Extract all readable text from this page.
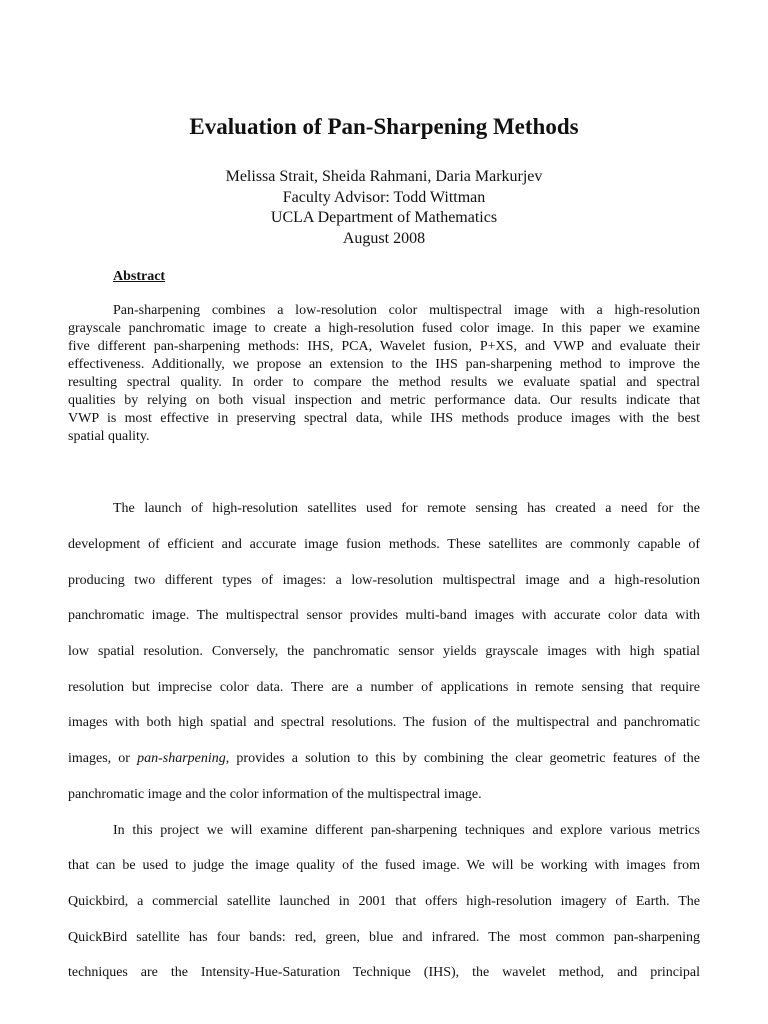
Evaluation of Pan-Sharpening Methods
Melissa Strait, Sheida Rahmani, Daria Markurjev
Faculty Advisor: Todd Wittman
UCLA Department of Mathematics
August 2008
Abstract
Pan-sharpening combines a low-resolution color multispectral image with a high-resolution
grayscale panchromatic image to create a high-resolution fused color image. In this paper we examine
five different pan-sharpening methods: IHS, PCA, Wavelet fusion, P+XS, and VWP and evaluate their
effectiveness. Additionally, we propose an extension to the IHS pan-sharpening method to improve the
resulting spectral quality. In order to compare the method results we evaluate spatial and spectral
qualities by relying on both visual inspection and metric performance data. Our results indicate that
VWP is most effective in preserving spectral data, while IHS methods produce images with the best
spatial quality.
The launch of high-resolution satellites used for remote sensing has created a need for the
development of efficient and accurate image fusion methods. These satellites are commonly capable of
producing two different types of images: a low-resolution multispectral image and a high-resolution
panchromatic image. The multispectral sensor provides multi-band images with accurate color data with
low spatial resolution. Conversely, the panchromatic sensor yields grayscale images with high spatial
resolution but imprecise color data. There are a number of applications in remote sensing that require
images with both high spatial and spectral resolutions. The fusion of the multispectral and panchromatic
images, or pan-sharpening, provides a solution to this by combining the clear geometric features of the
panchromatic image and the color information of the multispectral image.
In this project we will examine different pan-sharpening techniques and explore various metrics
that can be used to judge the image quality of the fused image. We will be working with images from
Quickbird, a commercial satellite launched in 2001 that offers high-resolution imagery of Earth. The
QuickBird satellite has four bands: red, green, blue and infrared. The most common pan-sharpening
techniques are the Intensity-Hue-Saturation Technique (IHS), the wavelet method, and principal
